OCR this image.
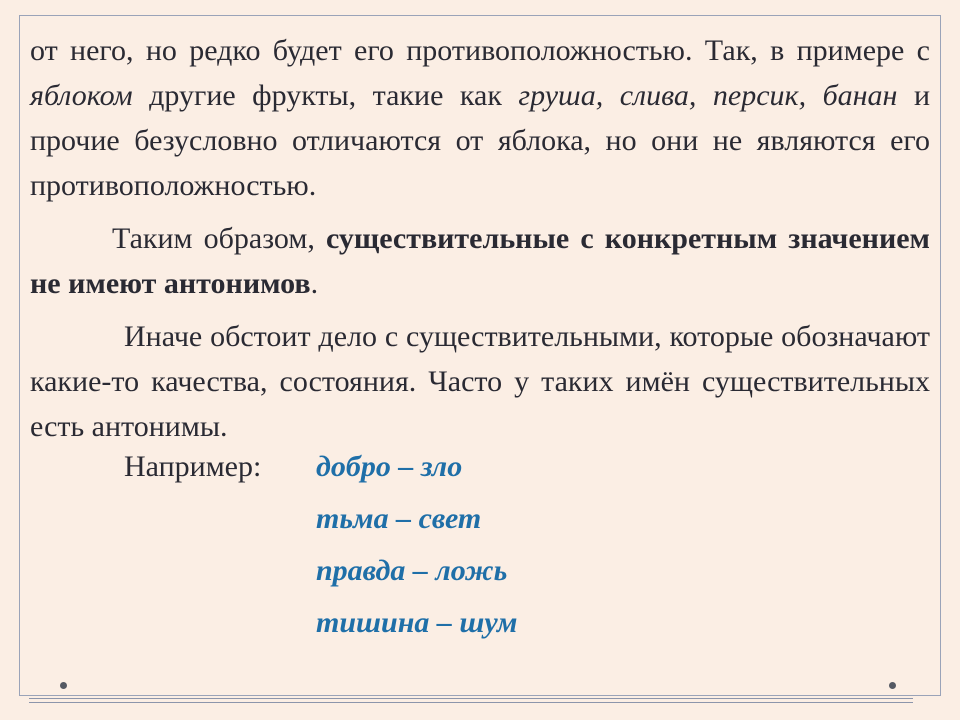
от него, но редко будет его противоположностью. Так, в примере с яблоком другие фрукты, такие как груша, слива, персик, банан и прочие безусловно отличаются от яблока, но они не являются его противоположностью.

Таким образом, существительные с конкретным значением не имеют антонимов.

Иначе обстоит дело с существительными, которые обозначают какие-то качества, состояния. Часто у таких имён существительных есть антонимы.

Например: добро – зло
тьма – свет
правда – ложь
тишина – шум
